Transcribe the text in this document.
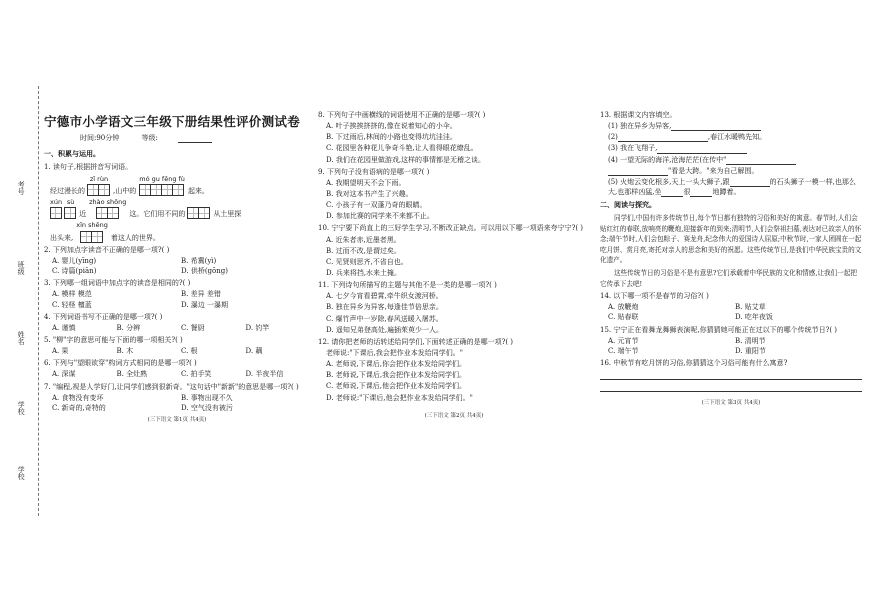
考号
班级
姓名
学校
学校
宁德市小学语文三年级下册结果性评价测试卷
时间:90分钟	等级:
一、积累与运用。
1. 读句子,根据拼音写词语。
经过漫长的
zī rùn
,山中的
mó gu fēng fù
起来。
xún sù
近
zhào shōng
这。它们用不同的	从土里探
出头来,
xīn shēng
着这人的世界。
2. 下列加点字读音不正确的是哪一项?( )
A. 婴儿(yīng)	B. 希冀(yì)
C. 诗篇(piān)	D. 供桥(gōng)
3. 下列哪一组词语中加点字的读音是相同的?( )
A. 模样 模范	B. 差异 差错
C. 轻柽 檀蓝	D. 瀑边 一瀑期
4. 下列词语书写不正确的是哪一项?( )
A. 谨慎	B. 分辨	C. 餐厨	D. 钓竿
5. "柳"字的意思可能与下面的哪一项相关?( )
A. 果	B. 木	C. 根	D. 藕
6. 下列与"望眼欲穿"构词方式相同的是哪一项?( )
A. 深谋	B. 全灶熟	C. 拍手笑	D. 半夜半信
7. "编程,视是人学好门,让同学们感到很新奇。"这句话中"新新"的意思是哪一项?( )
A. 食物没有变坏	B. 事物出现不久
C. 新奇的,奇特的	D. 空气没有被污
(三下语文 第1页 共4页)
8. 下列句子中画横线的词语使用不正确的是哪一项?( )
A. 叶子挨挨挤挤的,像在说着知心的小伞。
B. 下过雨后,林间的小路也变得坑坑洼洼。
C. 花园里各种花儿争奇斗艳,让人看得眼花缭乱。
D. 我们在花园里做游戏,这样的事情都是无稽之谈。
9. 下列句子没有语病的是哪一项?( )
A. 我期望明天不会下雨。
B. 我对这本书产生了兴趣。
C. 小孩子有一双蓬乃奇的眼睛。
D. 参加比赛的同学来不来都不止。
10. 宁宁要下尚直上的三好学生学习,不断改正缺点。可以用以下哪一项语来夸宁宁?( )
A. 近朱者赤,近墨者黑。
B. 过而不改,是谓过矣。
C. 见贤则思齐,不省自也。
D. 兵来将挡,水来土掩。
11. 下列诗句所描写的主题与其他不是一类的是哪一项?( )
A. 七夕今宵看碧霄,牵牛织女渡河桥。
B. 独在异乡为异客,每逢佳节倍思亲。
C. 爆竹声中一岁除,春风送暖入屠苏。
D. 遥知兄弟登高处,遍插茱萸少一人。
12. 请你把老师的话转述给同学们,下面转述正确的是哪一项?( )
老师说:"下课后,我会把作业本发给同学们。"
A. 老师说,下课后,你会把作业本发给同学们。
B. 老师说,下课后,我会把作业本发给同学们。
C. 老师说,下课后,他会把作业本发给同学们。
D. 老师说:"下课后,他会把作业本发给同学们。"
(三下语文 第2页 共4页)
13. 根据课文内容填空。
(1) 独在异乡为异客,
(2)	,春江水暖鸭先知。
(3) 我在飞翔子,
(4) 一望无际的海洋,沧海茫茫(在传中"
"看是大跨。"来为自己解围。
(5) 火炮云变化根多,天上一头大狮子,跟	的石头狮子一模一样,也那么大,也那样凶猛,坐	很	地蹲着。
二、阅读与探究。
同学们,中国有许多传统节日,每个节日都有独特的习俗和美好的寓意。春节时,人们会贴红红的春联,放响亮的鞭炮,迎接新年的到来;清明节,人们会祭祖扫墓,表达对已故亲人的怀念;端午节时,人们会包粽子、赛龙舟,纪念伟大的爱国诗人屈原;中秋节时,一家人团圆在一起吃月饼、赏月亮,寄托对亲人的思念和美好的祝愿。这些传统节日,是我们中华民族宝贵的文化遗产。
这些传统节日的习俗是不是有意思?它们承载着中华民族的文化和情感,让我们一起把它传承下去吧!
14. 以下哪一项不是春节的习俗?( )
A. 放鞭炮	B. 贴艾草
C. 贴春联	D. 吃年夜饭
15. 宁宁正在看舞龙舞狮表演呢,你猜猜她可能正在过以下的哪个传统节日?( )
A. 元宵节	B. 清明节
C. 端午节	D. 重阳节
16. 中秋节有吃月饼的习俗,你猜猜这个习俗可能有什么寓意?
(三下语文 第3页 共4页)
